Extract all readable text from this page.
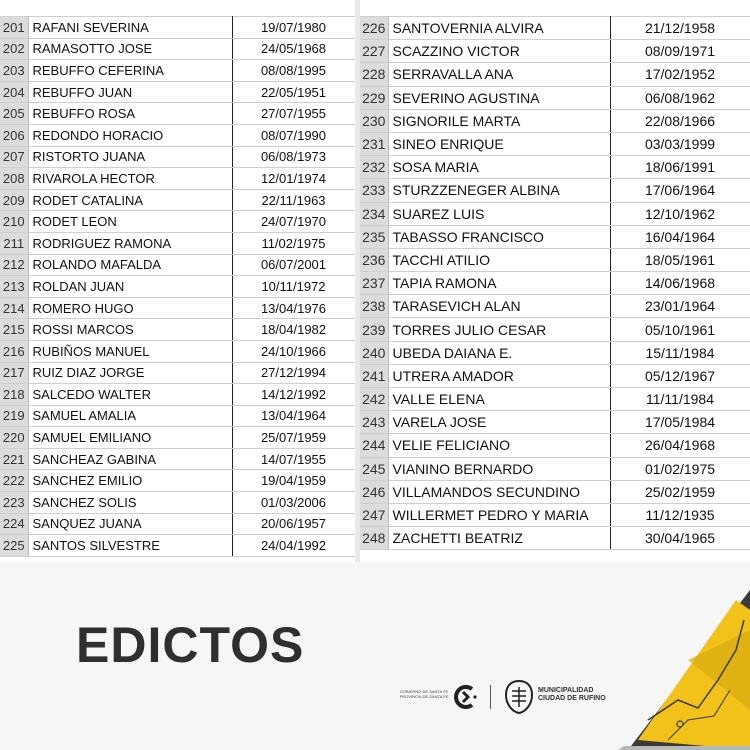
201	RAFANI SEVERINA	19/07/1980
202	RAMASOTTO JOSE	24/05/1968
203	REBUFFO CEFERINA	08/08/1995
204	REBUFFO JUAN	22/05/1951
205	REBUFFO ROSA	27/07/1955
206	REDONDO HORACIO	08/07/1990
207	RISTORTO JUANA	06/08/1973
208	RIVAROLA HECTOR	12/01/1974
209	RODET CATALINA	22/11/1963
210	RODET LEON	24/07/1970
211	RODRIGUEZ RAMONA	11/02/1975
212	ROLANDO MAFALDA	06/07/2001
213	ROLDAN JUAN	10/11/1972
214	ROMERO HUGO	13/04/1976
215	ROSSI MARCOS	18/04/1982
216	RUBIÑOS MANUEL	24/10/1966
217	RUIZ DIAZ JORGE	27/12/1994
218	SALCEDO WALTER	14/12/1992
219	SAMUEL AMALIA	13/04/1964
220	SAMUEL EMILIANO	25/07/1959
221	SANCHEAZ GABINA	14/07/1955
222	SANCHEZ EMILIO	19/04/1959
223	SANCHEZ SOLIS	01/03/2006
224	SANQUEZ JUANA	20/06/1957
225	SANTOS SILVESTRE	24/04/1992
226	SANTOVERNIA ALVIRA	21/12/1958
227	SCAZZINO VICTOR	08/09/1971
228	SERRAVALLA ANA	17/02/1952
229	SEVERINO AGUSTINA	06/08/1962
230	SIGNORILE MARTA	22/08/1966
231	SINEO ENRIQUE	03/03/1999
232	SOSA MARIA	18/06/1991
233	STURZZENEGER ALBINA	17/06/1964
234	SUAREZ LUIS	12/10/1962
235	TABASSO FRANCISCO	16/04/1964
236	TACCHI ATILIO	18/05/1961
237	TAPIA RAMONA	14/06/1968
238	TARASEVICH ALAN	23/01/1964
239	TORRES JULIO CESAR	05/10/1961
240	UBEDA DAIANA E.	15/11/1984
241	UTRERA AMADOR	05/12/1967
242	VALLE ELENA	11/11/1984
243	VARELA JOSE	17/05/1984
244	VELIE FELICIANO	26/04/1968
245	VIANINO BERNARDO	01/02/1975
246	VILLAMANDOS SECUNDINO	25/02/1959
247	WILLERMET PEDRO Y MARIA	11/12/1935
248	ZACHETTI BEATRIZ	30/04/1965
EDICTOS
GOBIERNO DE SANTA FE PROVINCIA DE SANTA FE
MUNICIPALIDAD
CIUDAD DE RUFINO
